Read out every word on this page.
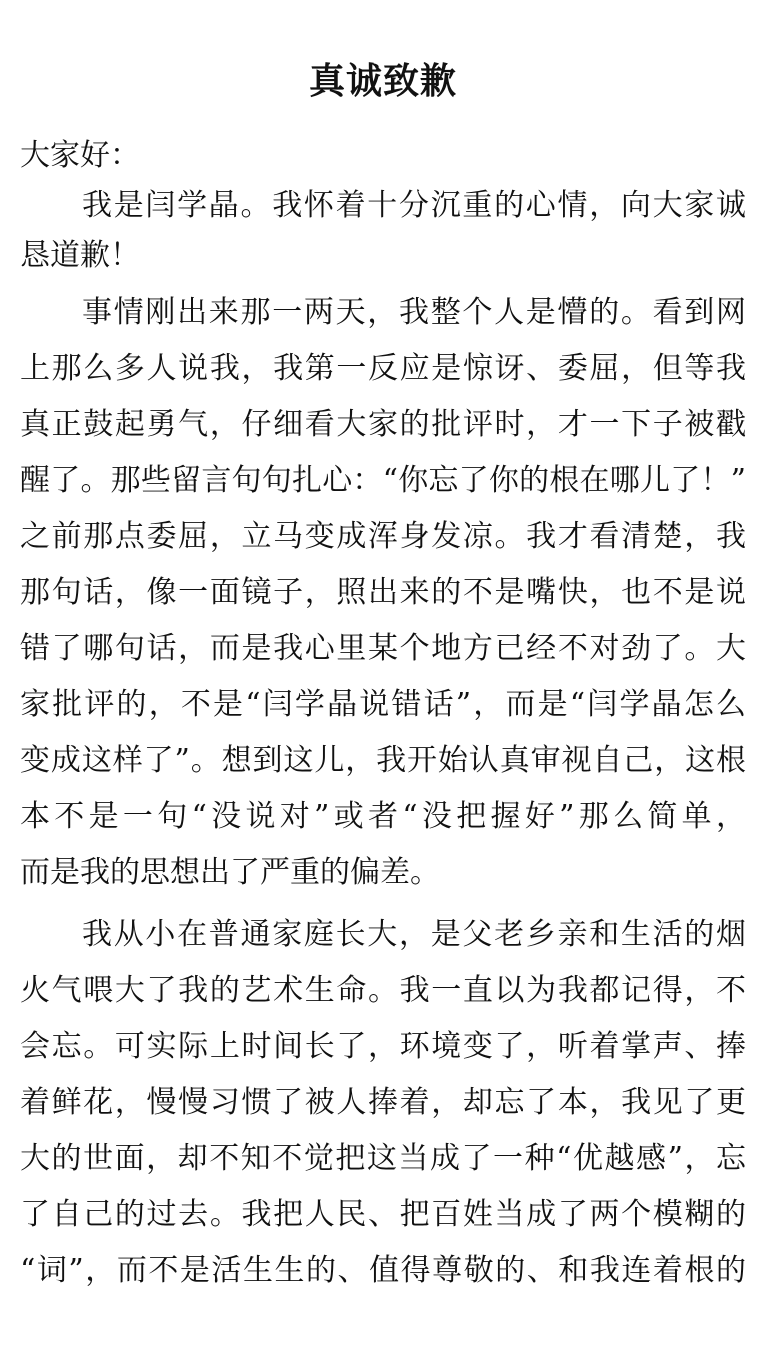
真诚致歉
大家好：
我是闫学晶。我怀着十分沉重的心情，向大家诚
恳道歉！
事情刚出来那一两天，我整个人是懵的。看到网
上那么多人说我，我第一反应是惊讶、委屈，但等我
真正鼓起勇气，仔细看大家的批评时，才一下子被戳
醒了。那些留言句句扎心：“你忘了你的根在哪儿了！”
之前那点委屈，立马变成浑身发凉。我才看清楚，我
那句话，像一面镜子，照出来的不是嘴快，也不是说
错了哪句话，而是我心里某个地方已经不对劲了。大
家批评的，不是“闫学晶说错话”，而是“闫学晶怎么
变成这样了”。想到这儿，我开始认真审视自己，这根
本不是一句“没说对”或者“没把握好”那么简单，
而是我的思想出了严重的偏差。
我从小在普通家庭长大，是父老乡亲和生活的烟
火气喂大了我的艺术生命。我一直以为我都记得，不
会忘。可实际上时间长了，环境变了，听着掌声、捧
着鲜花，慢慢习惯了被人捧着，却忘了本，我见了更
大的世面，却不知不觉把这当成了一种“优越感”，忘
了自己的过去。我把人民、把百姓当成了两个模糊的
“词”，而不是活生生的、值得尊敬的、和我连着根的
